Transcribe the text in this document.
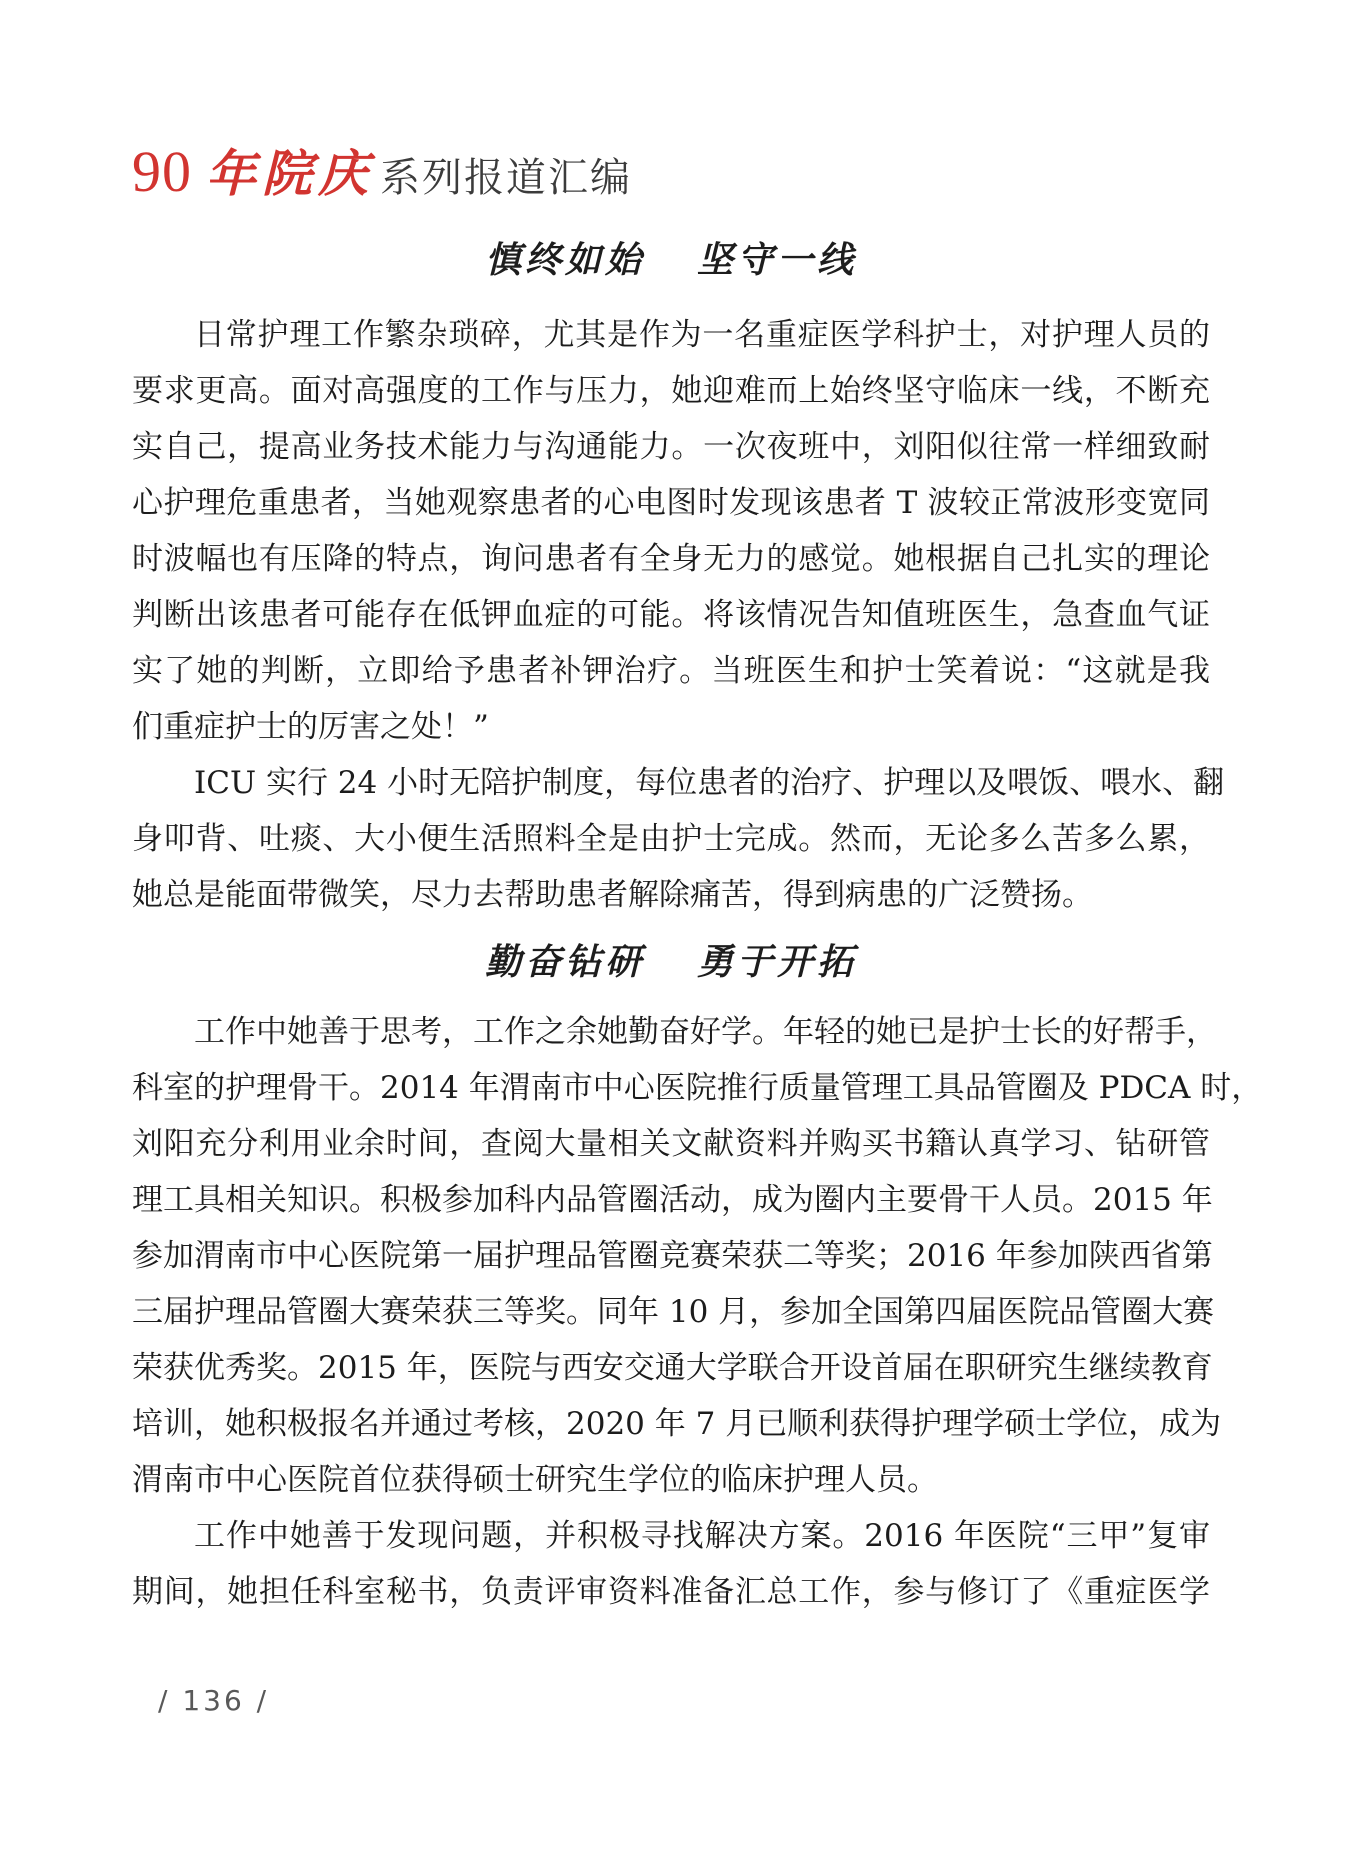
90 年院庆 系列报道汇编
慎终如始 坚守一线
日常护理工作繁杂琐碎，尤其是作为一名重症医学科护士，对护理人员的
要求更高。面对高强度的工作与压力，她迎难而上始终坚守临床一线，不断充
实自己，提高业务技术能力与沟通能力。一次夜班中，刘阳似往常一样细致耐
心护理危重患者，当她观察患者的心电图时发现该患者 T 波较正常波形变宽同
时波幅也有压降的特点，询问患者有全身无力的感觉。她根据自己扎实的理论
判断出该患者可能存在低钾血症的可能。将该情况告知值班医生，急查血气证
实了她的判断，立即给予患者补钾治疗。当班医生和护士笑着说：“这就是我
们重症护士的厉害之处！”
ICU 实行 24 小时无陪护制度，每位患者的治疗、护理以及喂饭、喂水、翻
身叩背、吐痰、大小便生活照料全是由护士完成。然而，无论多么苦多么累，
她总是能面带微笑，尽力去帮助患者解除痛苦，得到病患的广泛赞扬。
勤奋钻研 勇于开拓
工作中她善于思考，工作之余她勤奋好学。年轻的她已是护士长的好帮手，
科室的护理骨干。2014 年渭南市中心医院推行质量管理工具品管圈及 PDCA 时，
刘阳充分利用业余时间，查阅大量相关文献资料并购买书籍认真学习、钻研管
理工具相关知识。积极参加科内品管圈活动，成为圈内主要骨干人员。2015 年
参加渭南市中心医院第一届护理品管圈竞赛荣获二等奖；2016 年参加陕西省第
三届护理品管圈大赛荣获三等奖。同年 10 月，参加全国第四届医院品管圈大赛
荣获优秀奖。2015 年，医院与西安交通大学联合开设首届在职研究生继续教育
培训，她积极报名并通过考核，2020 年 7 月已顺利获得护理学硕士学位，成为
渭南市中心医院首位获得硕士研究生学位的临床护理人员。
工作中她善于发现问题，并积极寻找解决方案。2016 年医院“三甲”复审
期间，她担任科室秘书，负责评审资料准备汇总工作，参与修订了《重症医学
/ 136 /
